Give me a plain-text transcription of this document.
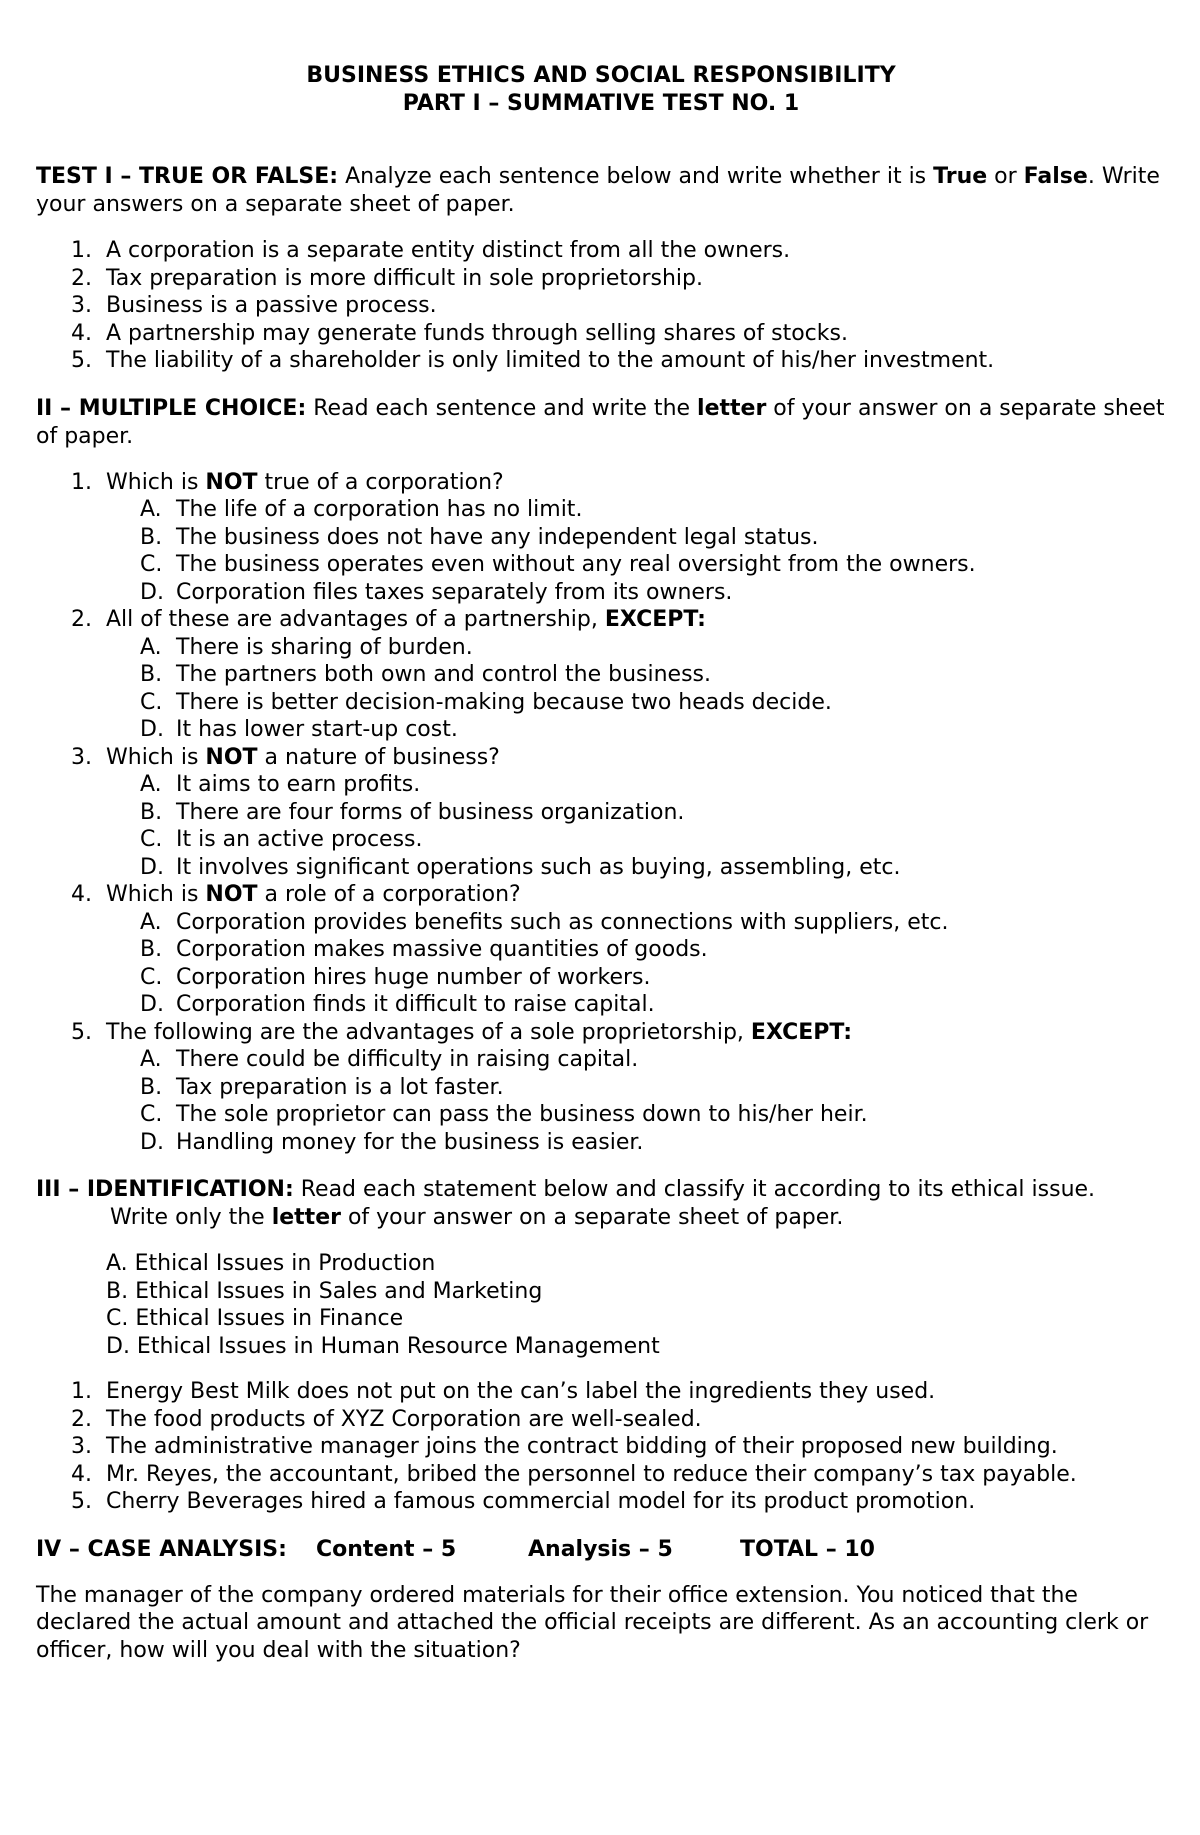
BUSINESS ETHICS AND SOCIAL RESPONSIBILITY

PART I – SUMMATIVE TEST NO. 1

TEST I – TRUE OR FALSE: Analyze each sentence below and write whether it is True or False. Write your answers on a separate sheet of paper.

1. A corporation is a separate entity distinct from all the owners.
2. Tax preparation is more difficult in sole proprietorship.
3. Business is a passive process.
4. A partnership may generate funds through selling shares of stocks.
5. The liability of a shareholder is only limited to the amount of his/her investment.

II – MULTIPLE CHOICE: Read each sentence and write the letter of your answer on a separate sheet of paper.

1. Which is NOT true of a corporation?
A. The life of a corporation has no limit.
B. The business does not have any independent legal status.
C. The business operates even without any real oversight from the owners.
D. Corporation files taxes separately from its owners.
2. All of these are advantages of a partnership, EXCEPT:
A. There is sharing of burden.
B. The partners both own and control the business.
C. There is better decision-making because two heads decide.
D. It has lower start-up cost.
3. Which is NOT a nature of business?
A. It aims to earn profits.
B. There are four forms of business organization.
C. It is an active process.
D. It involves significant operations such as buying, assembling, etc.
4. Which is NOT a role of a corporation?
A. Corporation provides benefits such as connections with suppliers, etc.
B. Corporation makes massive quantities of goods.
C. Corporation hires huge number of workers.
D. Corporation finds it difficult to raise capital.
5. The following are the advantages of a sole proprietorship, EXCEPT:
A. There could be difficulty in raising capital.
B. Tax preparation is a lot faster.
C. The sole proprietor can pass the business down to his/her heir.
D. Handling money for the business is easier.

III – IDENTIFICATION: Read each statement below and classify it according to its ethical issue.Write only the letter of your answer on a separate sheet of paper.

A. Ethical Issues in Production
B. Ethical Issues in Sales and Marketing
C. Ethical Issues in Finance
D. Ethical Issues in Human Resource Management
1. Energy Best Milk does not put on the can’s label the ingredients they used.
2. The food products of XYZ Corporation are well-sealed.
3. The administrative manager joins the contract bidding of their proposed new building.
4. Mr. Reyes, the accountant, bribed the personnel to reduce their company’s tax payable.
5. Cherry Beverages hired a famous commercial model for its product promotion.

IV – CASE ANALYSIS: Content – 5	Analysis – 5	TOTAL – 10

The manager of the company ordered materials for their office extension. You noticed that the declared the actual amount and attached the official receipts are different. As an accounting clerk or officer, how will you deal with the situation?
